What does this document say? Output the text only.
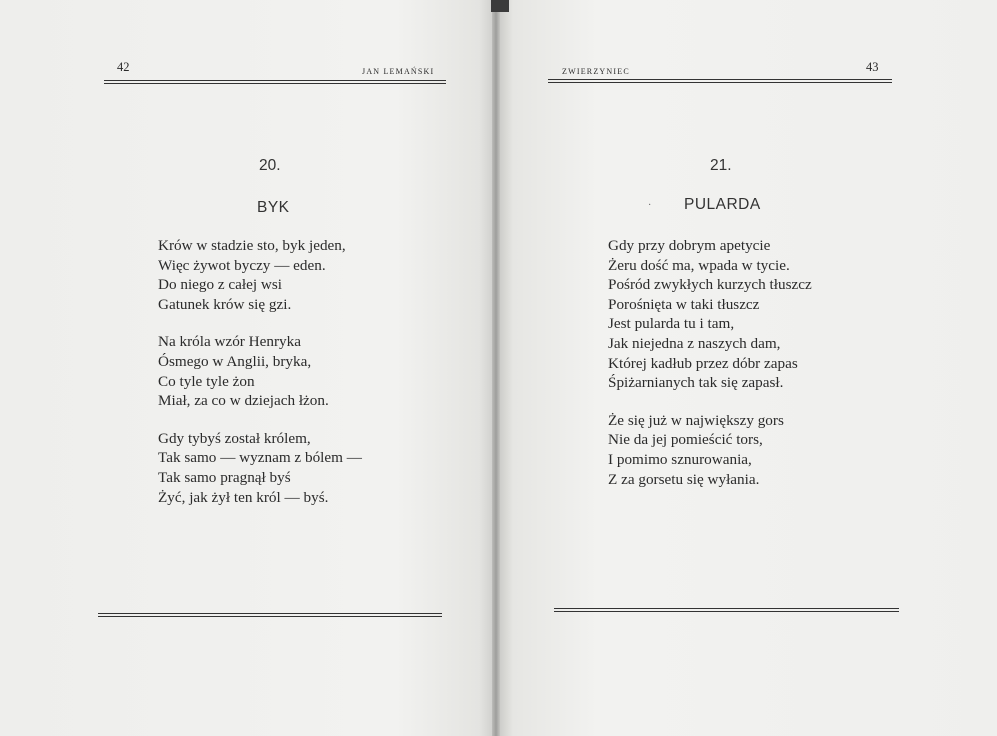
42	JAN LEMAŃSKI
20.
BYK
Krów w stadzie sto, byk jeden,
Więc żywot byczy — eden.
Do niego z całej wsi
Gatunek krów się gzi.
Na króla wzór Henryka
Ósmego w Anglii, bryka,
Co tyle tyle żon
Miał, za co w dziejach łżon.
Gdy tybyś został królem,
Tak samo — wyznam z bólem —
Tak samo pragnął byś
Żyć, jak żył ten król — byś.
ZWIERZYNIEC	43
21.
· PULARDA
Gdy przy dobrym apetycie
Żeru dość ma, wpada w tycie.
Pośród zwykłych kurzych tłuszcz
Porośnięta w taki tłuszcz
Jest pularda tu i tam,
Jak niejedna z naszych dam,
Której kadłub przez dóbr zapas
Śpiżarnianych tak się zapasł.
Że się już w największy gors
Nie da jej pomieścić tors,
I pomimo sznurowania,
Z za gorsetu się wyłania.
